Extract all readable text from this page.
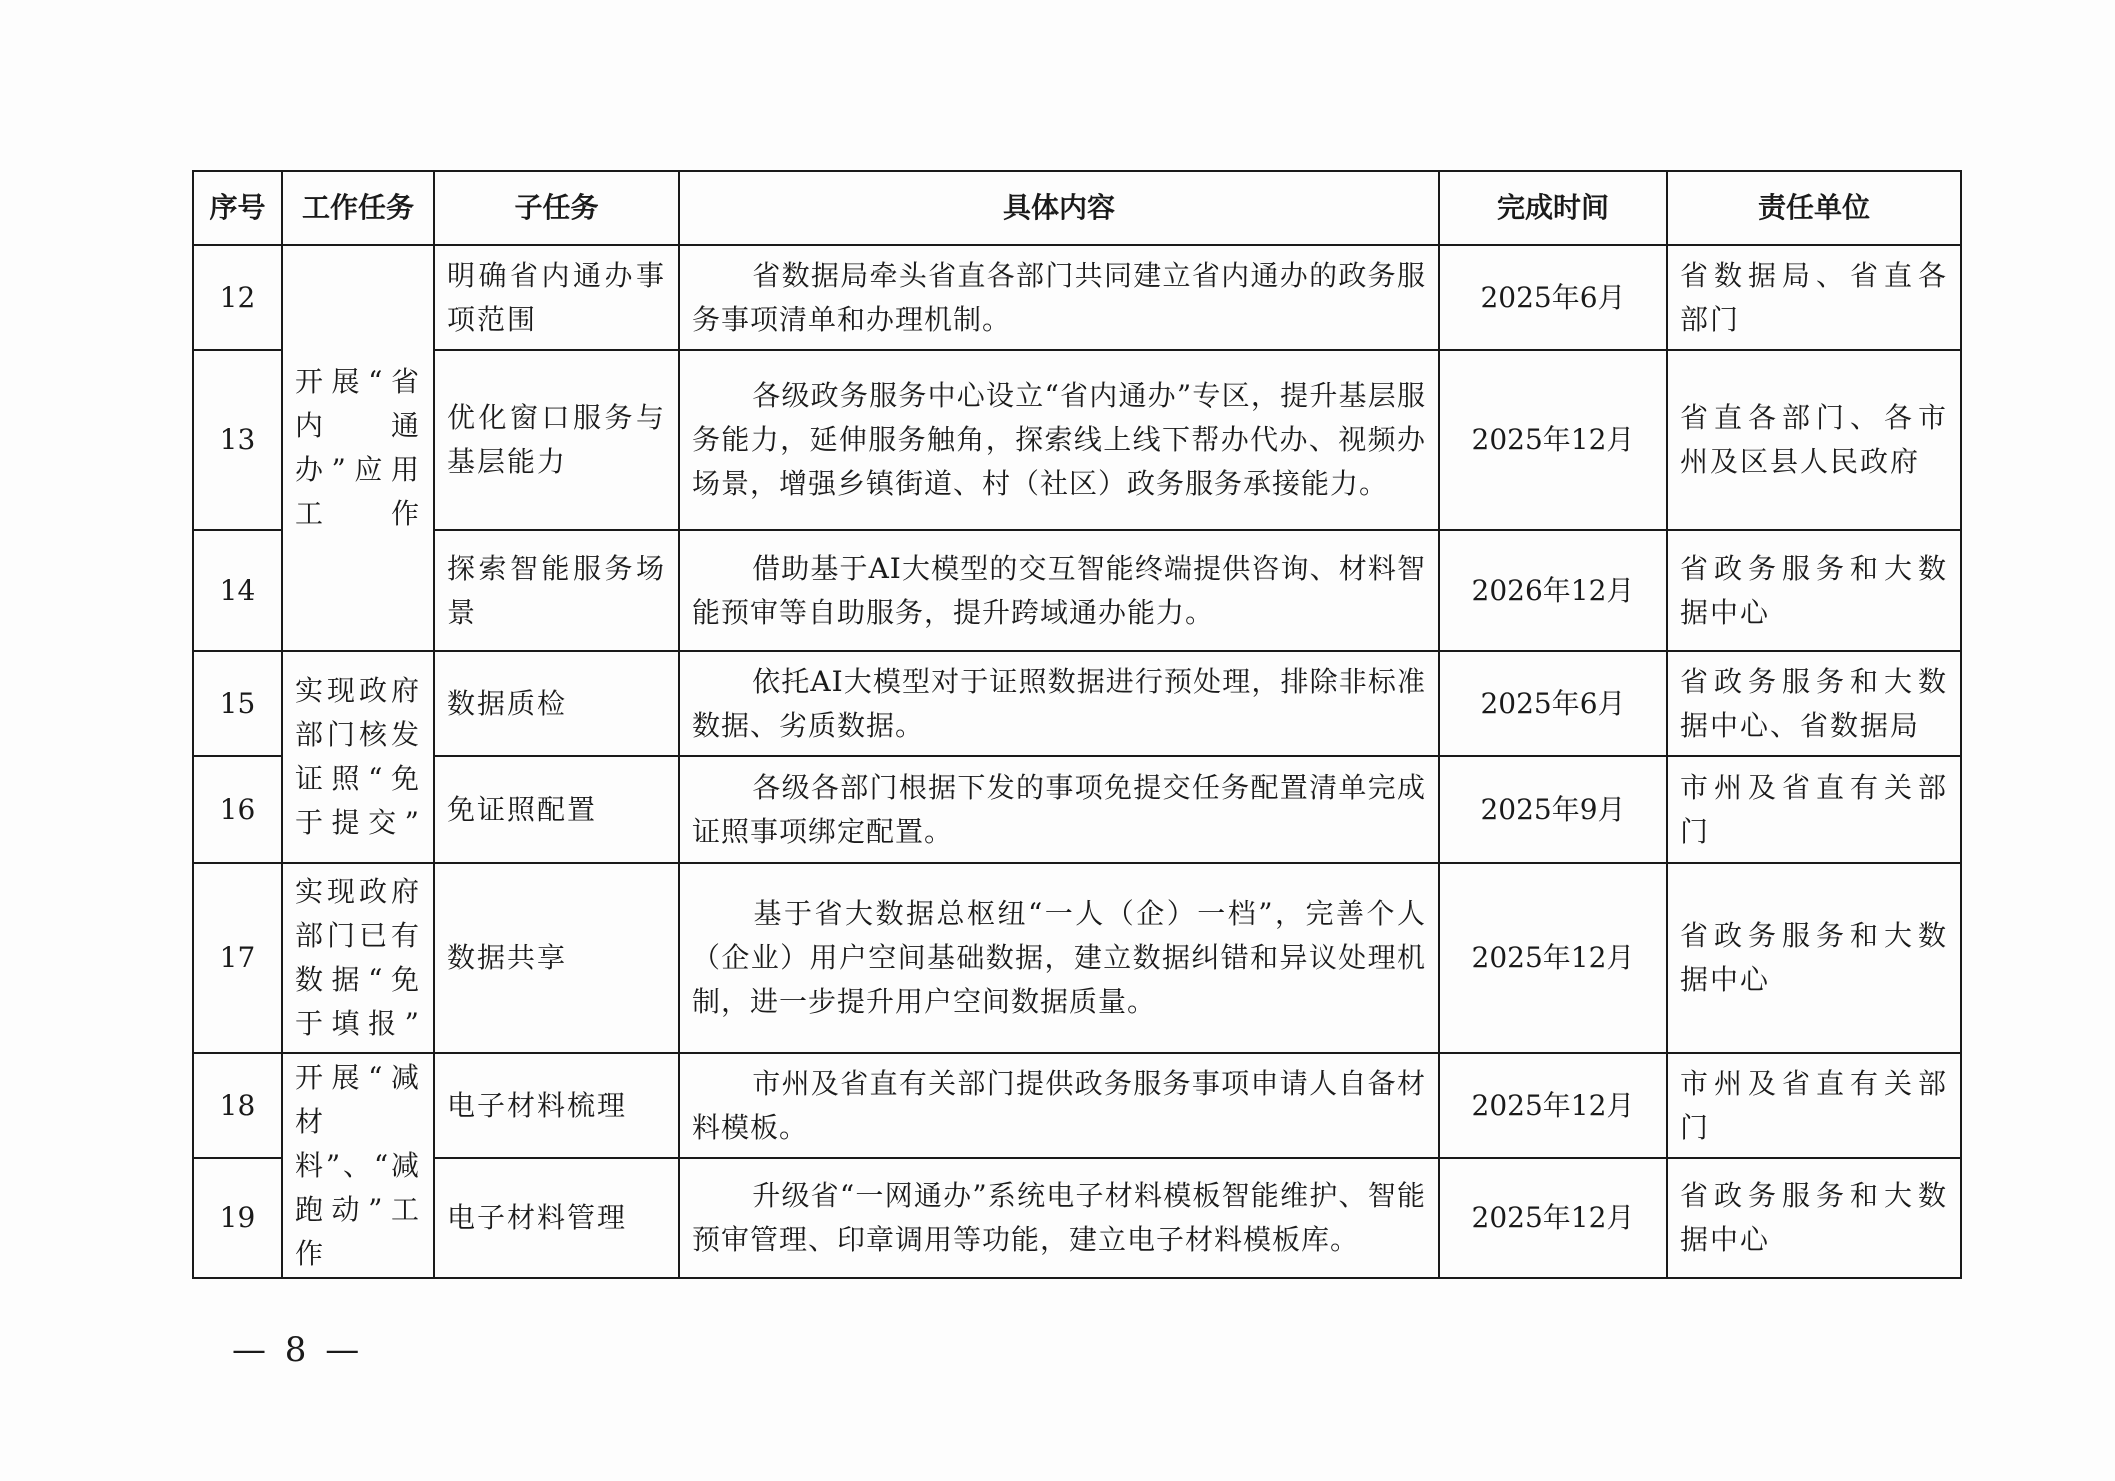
序号	工作任务	子任务	具体内容	完成时间	责任单位
12	开展“省内通办”应用工作	明确省内通办事项范围	省数据局牵头省直各部门共同建立省内通办的政务服务事项清单和办理机制。	2025年6月	省数据局、省直各部门
13		优化窗口服务与基层能力	各级政务服务中心设立“省内通办”专区，提升基层服务能力，延伸服务触角，探索线上线下帮办代办、视频办场景，增强乡镇街道、村（社区）政务服务承接能力。	2025年12月	省直各部门、各市州及区县人民政府
14		探索智能服务场景	借助基于AI大模型的交互智能终端提供咨询、材料智能预审等自助服务，提升跨域通办能力。	2026年12月	省政务服务和大数据中心
15	实现政府部门核发证照“免于提交”	数据质检	依托AI大模型对于证照数据进行预处理，排除非标准数据、劣质数据。	2025年6月	省政务服务和大数据中心、省数据局
16		免证照配置	各级各部门根据下发的事项免提交任务配置清单完成证照事项绑定配置。	2025年9月	市州及省直有关部门
17	实现政府部门已有数据“免于填报”	数据共享	基于省大数据总枢纽“一人（企）一档”，完善个人（企业）用户空间基础数据，建立数据纠错和异议处理机制，进一步提升用户空间数据质量。	2025年12月	省政务服务和大数据中心
18	开展“减材料”、“减跑动”工作	电子材料梳理	市州及省直有关部门提供政务服务事项申请人自备材料模板。	2025年12月	市州及省直有关部门
19		电子材料管理	升级省“一网通办”系统电子材料模板智能维护、智能预审管理、印章调用等功能，建立电子材料模板库。	2025年12月	省政务服务和大数据中心
— 8 —
